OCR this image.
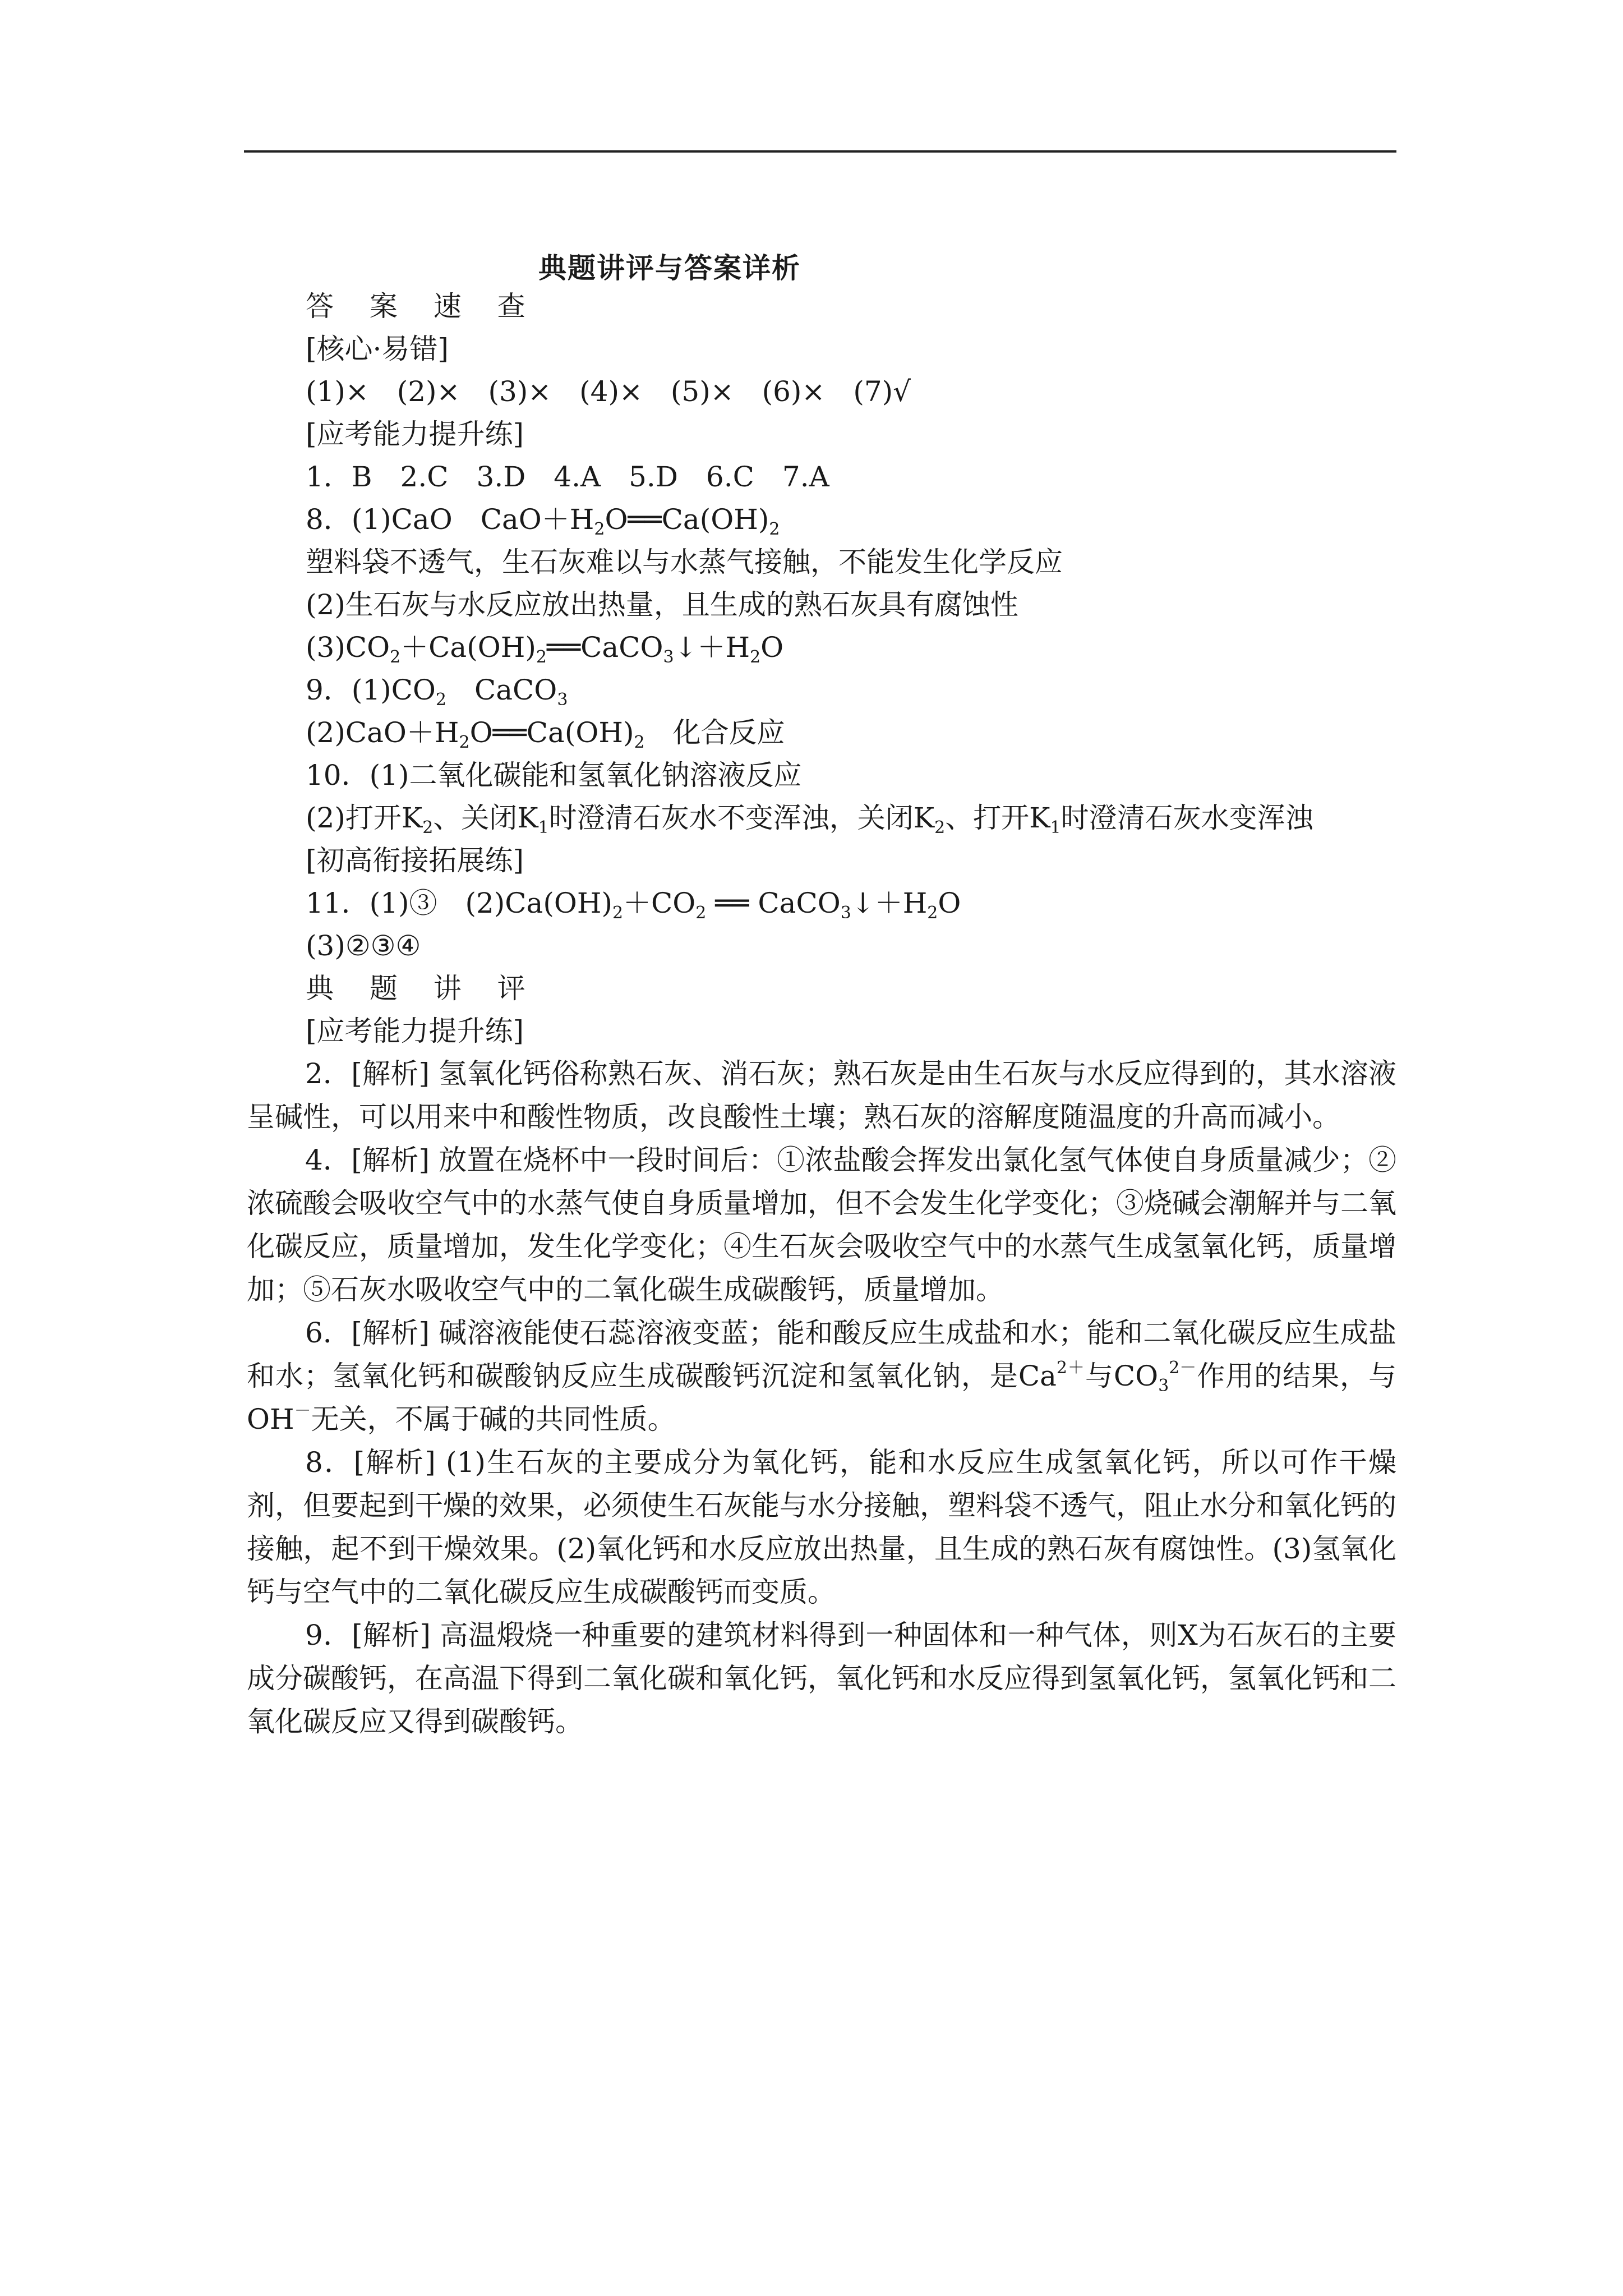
典题讲评与答案详析
答 案 速 查
[核心·易错]
(1)×　(2)×　(3)×　(4)×　(5)×　(6)×　(7)√
[应考能力提升练]
1．B　2.C　3.D　4.A　5.D　6.C　7.A
8．(1)CaO　$CaO+H_2O══Ca(OH)_2$
塑料袋不透气，生石灰难以与水蒸气接触，不能发生化学反应
(2)生石灰与水反应放出热量，且生成的熟石灰具有腐蚀性
$(3)CO_2+Ca(OH)_2══CaCO_3↓+H_2O$
9．$(1)CO_2$　CaCO$_3$
$(2)CaO+H_2O══Ca(OH)_2$　化合反应
10．(1)二氧化碳能和氢氧化钠溶液反应
(2)打开$K_2$、关闭$K_1$时澄清石灰水不变浑浊，关闭$K_2$、打开$K_1$时澄清石灰水变浑浊
[初高衔接拓展练]
11．(1)③　$(2)Ca(OH)_2+CO_2$ ══ $CaCO_3↓+H_2O$
(3)②③④
典 题 讲 评
[应考能力提升练]
2．[解析] 氢氧化钙俗称熟石灰、消石灰；熟石灰是由生石灰与水反应得到的，其水溶液呈碱性，可以用来中和酸性物质，改良酸性土壤；熟石灰的溶解度随温度的升高而减小。
4．[解析] 放置在烧杯中一段时间后：①浓盐酸会挥发出氯化氢气体使自身质量减少；②浓硫酸会吸收空气中的水蒸气使自身质量增加，但不会发生化学变化；③烧碱会潮解并与二氧化碳反应，质量增加，发生化学变化；④生石灰会吸收空气中的水蒸气生成氢氧化钙，质量增加；⑤石灰水吸收空气中的二氧化碳生成碳酸钙，质量增加。
6．[解析] 碱溶液能使石蕊溶液变蓝；能和酸反应生成盐和水；能和二氧化碳反应生成盐和水；氢氧化钙和碳酸钠反应生成碳酸钙沉淀和氢氧化钠，是$Ca^{2+}$与$CO_3^{2-}$作用的结果，与OH－无关，不属于碱的共同性质。
8．[解析] (1)生石灰的主要成分为氧化钙，能和水反应生成氢氧化钙，所以可作干燥剂，但要起到干燥的效果，必须使生石灰能与水分接触，塑料袋不透气，阻止水分和氧化钙的接触，起不到干燥效果。(2)氧化钙和水反应放出热量，且生成的熟石灰有腐蚀性。(3)氢氧化钙与空气中的二氧化碳反应生成碳酸钙而变质。
9．[解析] 高温煅烧一种重要的建筑材料得到一种固体和一种气体，则X为石灰石的主要成分碳酸钙，在高温下得到二氧化碳和氧化钙，氧化钙和水反应得到氢氧化钙，氢氧化钙和二氧化碳反应又得到碳酸钙。
